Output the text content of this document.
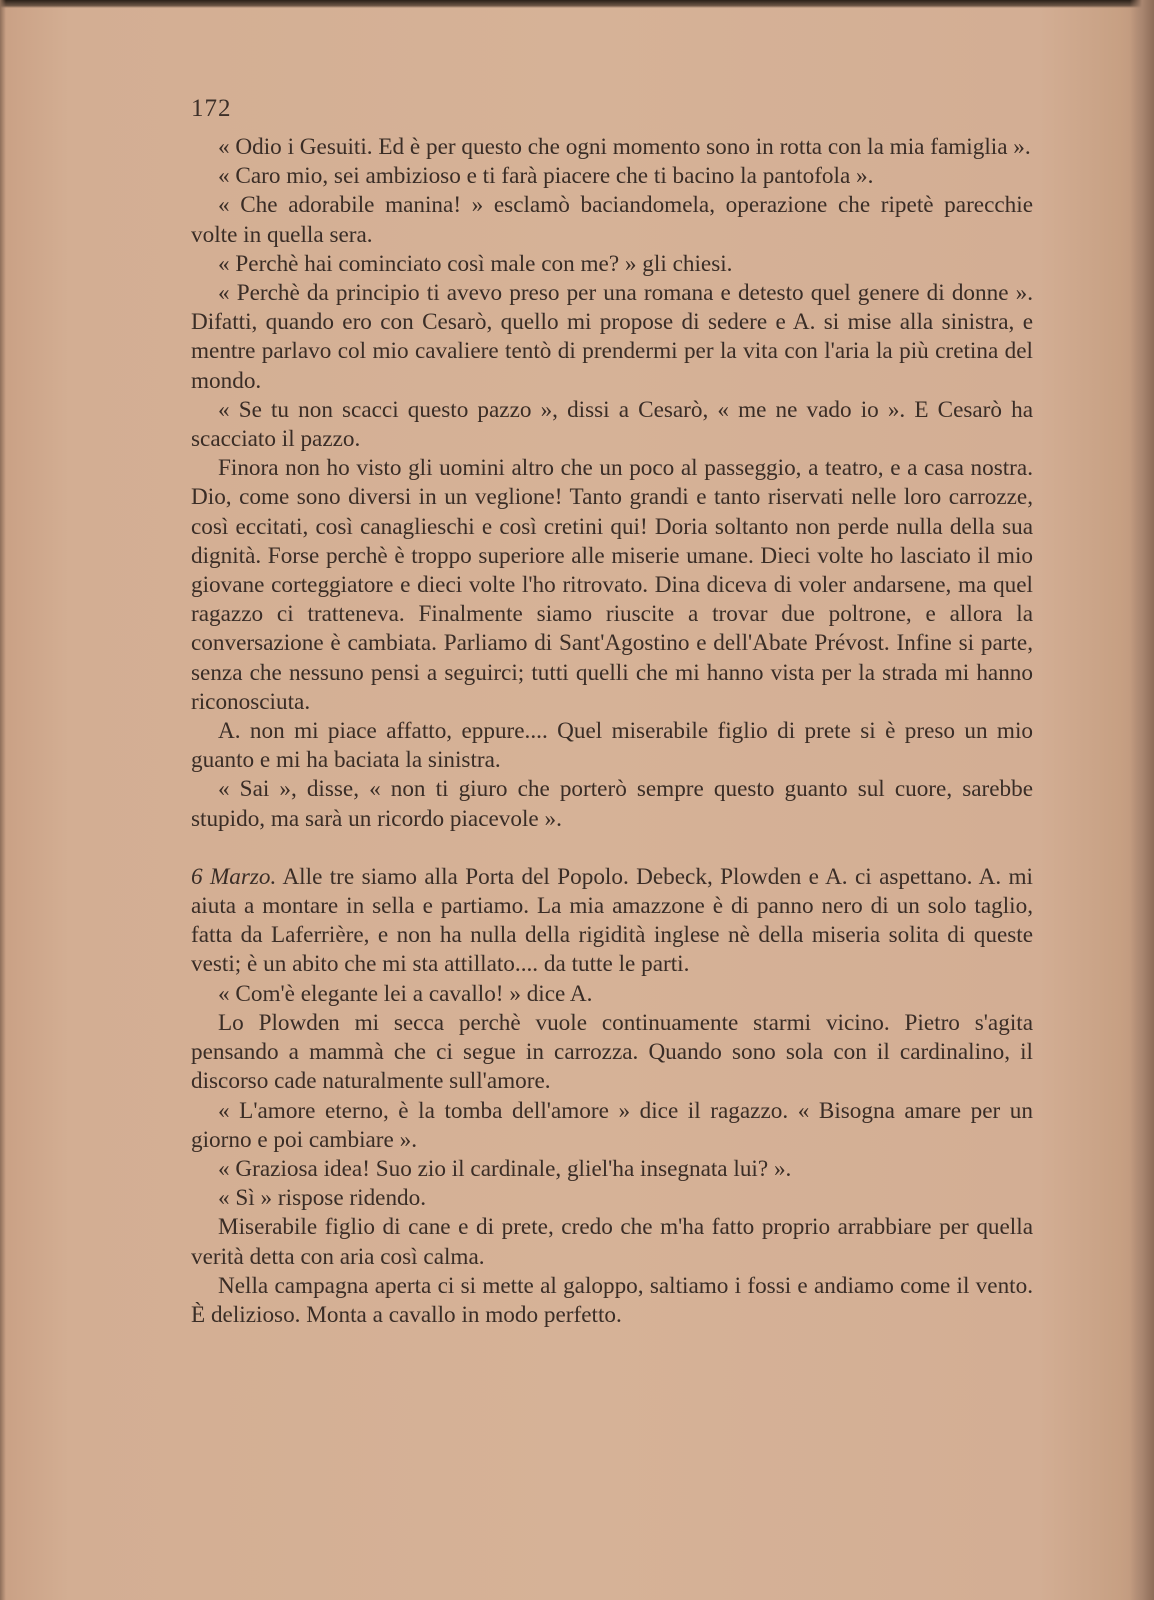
172

« Odio i Gesuiti. Ed è per questo che ogni momento sono in rotta con la mia famiglia ».

« Caro mio, sei ambizioso e ti farà piacere che ti bacino la pantofola ».

« Che adorabile manina! » esclamò baciandomela, operazione che ripetè parecchie volte in quella sera.

« Perchè hai cominciato così male con me? » gli chiesi.

« Perchè da principio ti avevo preso per una romana e detesto quel genere di donne ». Difatti, quando ero con Cesarò, quello mi propose di sedere e A. si mise alla sinistra, e mentre parlavo col mio cavaliere tentò di prendermi per la vita con l'aria la più cretina del mondo.

« Se tu non scacci questo pazzo », dissi a Cesarò, « me ne vado io ». E Cesarò ha scacciato il pazzo.

Finora non ho visto gli uomini altro che un poco al passeggio, a teatro, e a casa nostra. Dio, come sono diversi in un veglione! Tanto grandi e tanto riservati nelle loro carrozze, così eccitati, così canaglieschi e così cretini qui! Doria soltanto non perde nulla della sua dignità. Forse perchè è troppo superiore alle miserie umane. Dieci volte ho lasciato il mio giovane corteggiatore e dieci volte l'ho ritrovato. Dina diceva di voler andarsene, ma quel ragazzo ci tratteneva. Finalmente siamo riuscite a trovar due poltrone, e allora la conversazione è cambiata. Parliamo di Sant'Agostino e dell'Abate Prévost. Infine si parte, senza che nessuno pensi a seguirci; tutti quelli che mi hanno vista per la strada mi hanno riconosciuta.

A. non mi piace affatto, eppure.... Quel miserabile figlio di prete si è preso un mio guanto e mi ha baciata la sinistra.

« Sai », disse, « non ti giuro che porterò sempre questo guanto sul cuore, sarebbe stupido, ma sarà un ricordo piacevole ».

6 Marzo. Alle tre siamo alla Porta del Popolo. Debeck, Plowden e A. ci aspettano. A. mi aiuta a montare in sella e partiamo. La mia amazzone è di panno nero di un solo taglio, fatta da Laferrière, e non ha nulla della rigidità inglese nè della miseria solita di queste vesti; è un abito che mi sta attillato.... da tutte le parti.

« Com'è elegante lei a cavallo! » dice A.

Lo Plowden mi secca perchè vuole continuamente starmi vicino. Pietro s'agita pensando a mammà che ci segue in carrozza. Quando sono sola con il cardinalino, il discorso cade naturalmente sull'amore.

« L'amore eterno, è la tomba dell'amore » dice il ragazzo. « Bisogna amare per un giorno e poi cambiare ».

« Graziosa idea! Suo zio il cardinale, gliel'ha insegnata lui? ».

« Sì » rispose ridendo.

Miserabile figlio di cane e di prete, credo che m'ha fatto proprio arrabbiare per quella verità detta con aria così calma.

Nella campagna aperta ci si mette al galoppo, saltiamo i fossi e andiamo come il vento. È delizioso. Monta a cavallo in modo perfetto.
